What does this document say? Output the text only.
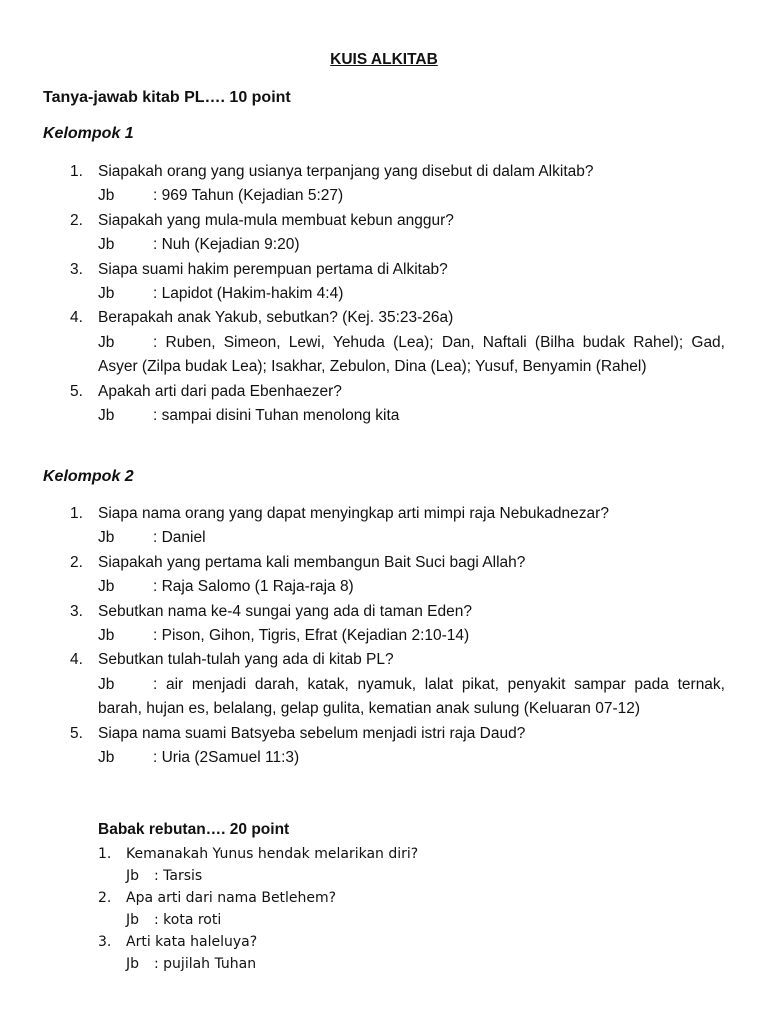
KUIS ALKITAB
Tanya-jawab kitab PL…. 10 point
Kelompok 1
1. Siapakah orang yang usianya terpanjang yang disebut di dalam Alkitab?
Jb : 969 Tahun (Kejadian 5:27)
2. Siapakah yang mula-mula membuat kebun anggur?
Jb : Nuh (Kejadian 9:20)
3. Siapa suami hakim perempuan pertama di Alkitab?
Jb : Lapidot (Hakim-hakim 4:4)
4. Berapakah anak Yakub, sebutkan? (Kej. 35:23-26a)
Jb : Ruben, Simeon, Lewi, Yehuda (Lea); Dan, Naftali (Bilha budak Rahel); Gad, Asyer (Zilpa budak Lea); Isakhar, Zebulon, Dina (Lea); Yusuf, Benyamin (Rahel)
5. Apakah arti dari pada Ebenhaezer?
Jb : sampai disini Tuhan menolong kita
Kelompok 2
1. Siapa nama orang yang dapat menyingkap arti mimpi raja Nebukadnezar?
Jb : Daniel
2. Siapakah yang pertama kali membangun Bait Suci bagi Allah?
Jb : Raja Salomo (1 Raja-raja 8)
3. Sebutkan nama ke-4 sungai yang ada di taman Eden?
Jb : Pison, Gihon, Tigris, Efrat (Kejadian 2:10-14)
4. Sebutkan tulah-tulah yang ada di kitab PL?
Jb : air menjadi darah, katak, nyamuk, lalat pikat, penyakit sampar pada ternak, barah, hujan es, belalang, gelap gulita, kematian anak sulung (Keluaran 07-12)
5. Siapa nama suami Batsyeba sebelum menjadi istri raja Daud?
Jb : Uria (2Samuel 11:3)
Babak rebutan…. 20 point
1. Kemanakah Yunus hendak melarikan diri?
Jb : Tarsis
2. Apa arti dari nama Betlehem?
Jb : kota roti
3. Arti kata haleluya?
Jb : pujilah Tuhan
